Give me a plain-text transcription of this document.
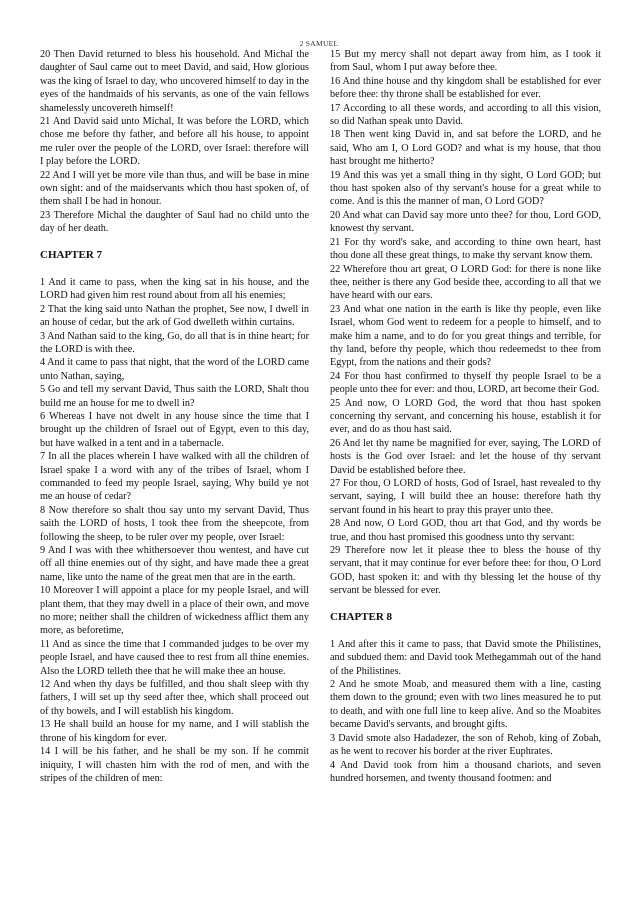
2 SAMUEL

20 Then David returned to bless his household. And Michal the daughter of Saul came out to meet David, and said, How glorious was the king of Israel to day, who uncovered himself to day in the eyes of the handmaids of his servants, as one of the vain fellows shamelessly uncovereth himself!

21 And David said unto Michal, It was before the LORD, which chose me before thy father, and before all his house, to appoint me ruler over the people of the LORD, over Israel: therefore will I play before the LORD.

22 And I will yet be more vile than thus, and will be base in mine own sight: and of the maidservants which thou hast spoken of, of them shall I be had in honour.

23 Therefore Michal the daughter of Saul had no child unto the day of her death.

CHAPTER 7

1 And it came to pass, when the king sat in his house, and the LORD had given him rest round about from all his enemies;

2 That the king said unto Nathan the prophet, See now, I dwell in an house of cedar, but the ark of God dwelleth within curtains.

3 And Nathan said to the king, Go, do all that is in thine heart; for the LORD is with thee.

4 And it came to pass that night, that the word of the LORD came unto Nathan, saying,

5 Go and tell my servant David, Thus saith the LORD, Shalt thou build me an house for me to dwell in?

6 Whereas I have not dwelt in any house since the time that I brought up the children of Israel out of Egypt, even to this day, but have walked in a tent and in a tabernacle.

7 In all the places wherein I have walked with all the children of Israel spake I a word with any of the tribes of Israel, whom I commanded to feed my people Israel, saying, Why build ye not me an house of cedar?

8 Now therefore so shalt thou say unto my servant David, Thus saith the LORD of hosts, I took thee from the sheepcote, from following the sheep, to be ruler over my people, over Israel:

9 And I was with thee whithersoever thou wentest, and have cut off all thine enemies out of thy sight, and have made thee a great name, like unto the name of the great men that are in the earth.

10 Moreover I will appoint a place for my people Israel, and will plant them, that they may dwell in a place of their own, and move no more; neither shall the children of wickedness afflict them any more, as beforetime,

11 And as since the time that I commanded judges to be over my people Israel, and have caused thee to rest from all thine enemies. Also the LORD telleth thee that he will make thee an house.

12 And when thy days be fulfilled, and thou shalt sleep with thy fathers, I will set up thy seed after thee, which shall proceed out of thy bowels, and I will establish his kingdom.

13 He shall build an house for my name, and I will stablish the throne of his kingdom for ever.

14 I will be his father, and he shall be my son. If he commit iniquity, I will chasten him with the rod of men, and with the stripes of the children of men:

15 But my mercy shall not depart away from him, as I took it from Saul, whom I put away before thee.

16 And thine house and thy kingdom shall be established for ever before thee: thy throne shall be established for ever.

17 According to all these words, and according to all this vision, so did Nathan speak unto David.

18 Then went king David in, and sat before the LORD, and he said, Who am I, O Lord GOD? and what is my house, that thou hast brought me hitherto?

19 And this was yet a small thing in thy sight, O Lord GOD; but thou hast spoken also of thy servant's house for a great while to come. And is this the manner of man, O Lord GOD?

20 And what can David say more unto thee? for thou, Lord GOD, knowest thy servant.

21 For thy word's sake, and according to thine own heart, hast thou done all these great things, to make thy servant know them.

22 Wherefore thou art great, O LORD God: for there is none like thee, neither is there any God beside thee, according to all that we have heard with our ears.

23 And what one nation in the earth is like thy people, even like Israel, whom God went to redeem for a people to himself, and to make him a name, and to do for you great things and terrible, for thy land, before thy people, which thou redeemedst to thee from Egypt, from the nations and their gods?

24 For thou hast confirmed to thyself thy people Israel to be a people unto thee for ever: and thou, LORD, art become their God.

25 And now, O LORD God, the word that thou hast spoken concerning thy servant, and concerning his house, establish it for ever, and do as thou hast said.

26 And let thy name be magnified for ever, saying, The LORD of hosts is the God over Israel: and let the house of thy servant David be established before thee.

27 For thou, O LORD of hosts, God of Israel, hast revealed to thy servant, saying, I will build thee an house: therefore hath thy servant found in his heart to pray this prayer unto thee.

28 And now, O Lord GOD, thou art that God, and thy words be true, and thou hast promised this goodness unto thy servant:

29 Therefore now let it please thee to bless the house of thy servant, that it may continue for ever before thee: for thou, O Lord GOD, hast spoken it: and with thy blessing let the house of thy servant be blessed for ever.

CHAPTER 8

1 And after this it came to pass, that David smote the Philistines, and subdued them: and David took Methegammah out of the hand of the Philistines.

2 And he smote Moab, and measured them with a line, casting them down to the ground; even with two lines measured he to put to death, and with one full line to keep alive. And so the Moabites became David's servants, and brought gifts.

3 David smote also Hadadezer, the son of Rehob, king of Zobah, as he went to recover his border at the river Euphrates.

4 And David took from him a thousand chariots, and seven hundred horsemen, and twenty thousand footmen: and
